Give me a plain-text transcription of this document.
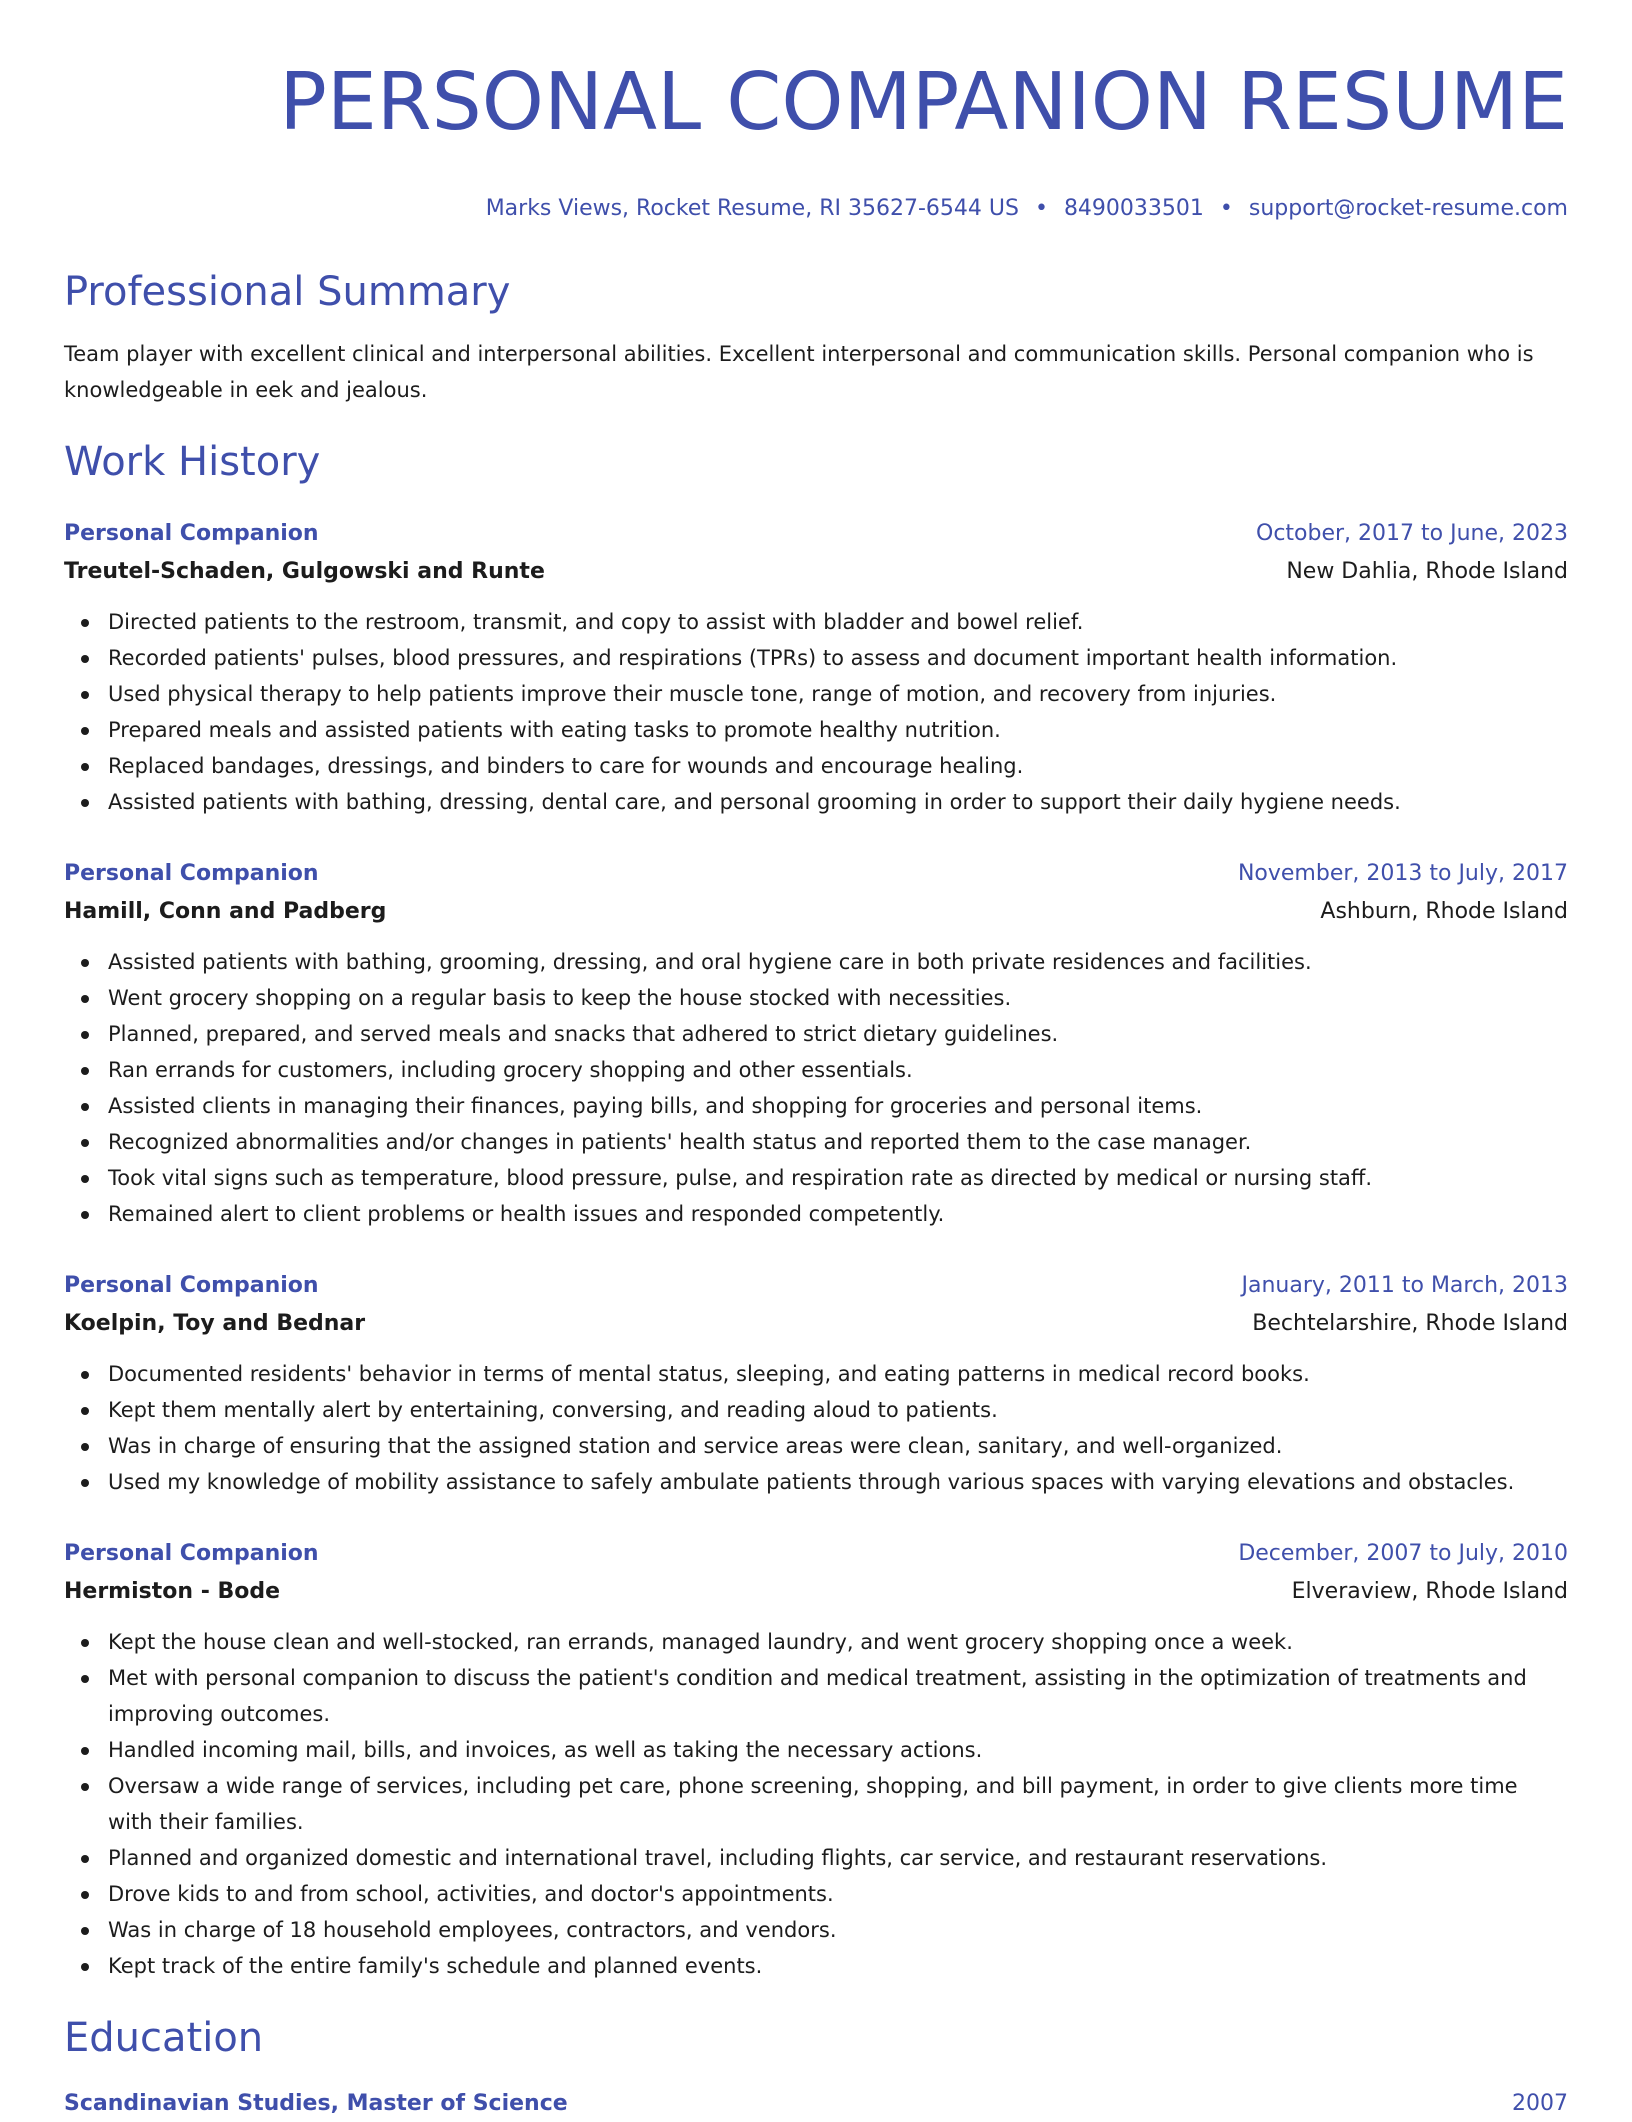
PERSONAL COMPANION RESUME
Marks Views, Rocket Resume, RI 35627-6544 US • 8490033501 • support@rocket-resume.com
Professional Summary

Team player with excellent clinical and interpersonal abilities. Excellent interpersonal and communication skills. Personal companion who is knowledgeable in eek and jealous.

Work History
Personal Companion	October, 2017 to June, 2023
Treutel-Schaden, Gulgowski and Runte	New Dahlia, Rhode Island
Directed patients to the restroom, transmit, and copy to assist with bladder and bowel relief.
Recorded patients' pulses, blood pressures, and respirations (TPRs) to assess and document important health information.
Used physical therapy to help patients improve their muscle tone, range of motion, and recovery from injuries.
Prepared meals and assisted patients with eating tasks to promote healthy nutrition.
Replaced bandages, dressings, and binders to care for wounds and encourage healing.
Assisted patients with bathing, dressing, dental care, and personal grooming in order to support their daily hygiene needs.
Personal Companion	November, 2013 to July, 2017
Hamill, Conn and Padberg	Ashburn, Rhode Island
Assisted patients with bathing, grooming, dressing, and oral hygiene care in both private residences and facilities.
Went grocery shopping on a regular basis to keep the house stocked with necessities.
Planned, prepared, and served meals and snacks that adhered to strict dietary guidelines.
Ran errands for customers, including grocery shopping and other essentials.
Assisted clients in managing their finances, paying bills, and shopping for groceries and personal items.
Recognized abnormalities and/or changes in patients' health status and reported them to the case manager.
Took vital signs such as temperature, blood pressure, pulse, and respiration rate as directed by medical or nursing staff.
Remained alert to client problems or health issues and responded competently.
Personal Companion	January, 2011 to March, 2013
Koelpin, Toy and Bednar	Bechtelarshire, Rhode Island
Documented residents' behavior in terms of mental status, sleeping, and eating patterns in medical record books.
Kept them mentally alert by entertaining, conversing, and reading aloud to patients.
Was in charge of ensuring that the assigned station and service areas were clean, sanitary, and well-organized.
Used my knowledge of mobility assistance to safely ambulate patients through various spaces with varying elevations and obstacles.
Personal Companion	December, 2007 to July, 2010
Hermiston - Bode	Elveraview, Rhode Island
Kept the house clean and well-stocked, ran errands, managed laundry, and went grocery shopping once a week.
Met with personal companion to discuss the patient's condition and medical treatment, assisting in the optimization of treatments and improving outcomes.
Handled incoming mail, bills, and invoices, as well as taking the necessary actions.
Oversaw a wide range of services, including pet care, phone screening, shopping, and bill payment, in order to give clients more time with their families.
Planned and organized domestic and international travel, including flights, car service, and restaurant reservations.
Drove kids to and from school, activities, and doctor's appointments.
Was in charge of 18 household employees, contractors, and vendors.
Kept track of the entire family's schedule and planned events.
Education
Scandinavian Studies, Master of Science	2007
